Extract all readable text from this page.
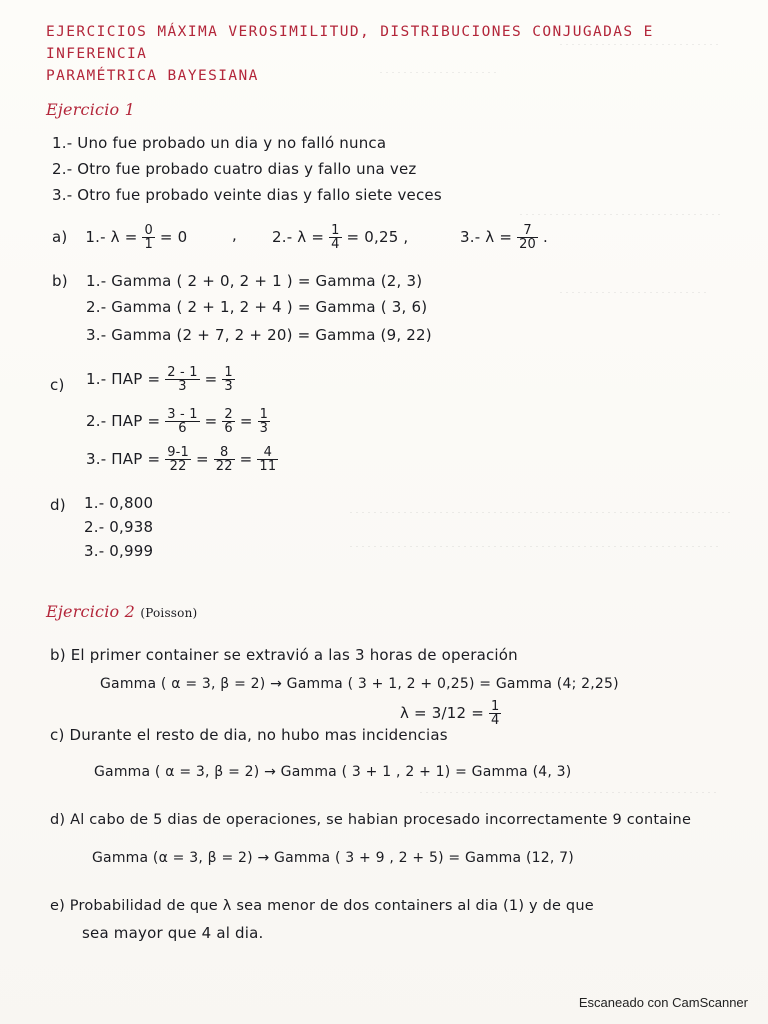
EJERCICIOS MÁXIMA VEROSIMILITUD, DISTRIBUCIONES CONJUGADAS E INFERENCIA
PARAMÉTRICA BAYESIANA
Ejercicio 1
1.- Uno fue probado un dia y no falló nunca
2.- Otro fue probado cuatro dias y fallo una vez
3.- Otro fue probado veinte dias y fallo siete veces
a) 1.- $\lambda = \frac{0}{1} = 0$	, 2.- $\lambda = \frac{1}{4} = 0,25$ ,	3.- $\lambda = \frac{7}{20}$ .
b) 1.- Gamma ( 2 + 0, 2 + 1 ) = Gamma (2, 3)
2.- Gamma ( 2 + 1, 2 + 4 ) = Gamma ( 3, 6)
3.- Gamma (2 + 7, 2 + 20) = Gamma (9, 22)
c) 1.- $\Pi AP = \frac{2 - 1}{3} = \frac{1}{3}$
2.- $\Pi AP = \frac{3 - 1}{6} = \frac{2}{6} = \frac{1}{3}$
3.- $\Pi AP = \frac{9-1}{22} = \frac{8}{22} = \frac{4}{11}$
d) 1.- 0,800
2.- 0,938
3.- 0,999
Ejercicio 2 (Poisson)
b) El primer container se extravió a las 3 horas de operación
Gamma ( α = 3, β = 2) → Gamma ( 3 + 1, 2 + 0,25) = Gamma (4; 2,25)
$\lambda = 3/12 = \frac{1}{4}$
c) Durante el resto de dia, no hubo mas incidencias
Gamma ( α = 3, β = 2) → Gamma ( 3 + 1 , 2 + 1) = Gamma (4, 3)
d) Al cabo de 5 dias de operaciones, se habian procesado incorrectamente 9 containe
Gamma (α = 3, β = 2) → Gamma ( 3 + 9 , 2 + 5) = Gamma (12, 7)
e) Probabilidad de que λ sea menor de dos containers al dia (1) y de que
sea mayor que 4 al dia.
Escaneado con CamScanner
